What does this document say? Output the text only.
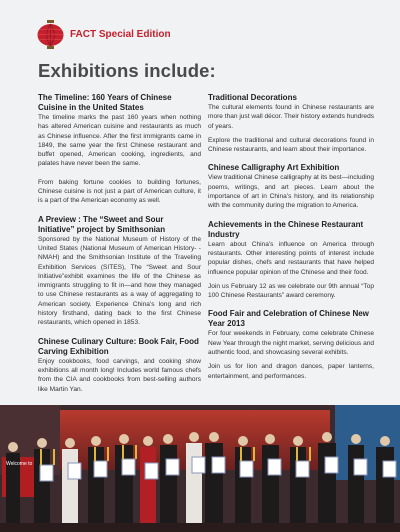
FACT Special Edition
Exhibitions include:
The Timeline: 160 Years of Chinese Cuisine in the United States

The timeline marks the past 160 years when nothing has altered American cuisine and restaurants as much as Chinese influence. After the first immigrants came in 1849, the same year the first Chinese restaurant and buffet opened, American cooking, ingredients, and palates have never been the same.

From baking fortune cookies to building fortunes, Chinese cuisine is not just a part of American culture, it is a part of the American economy as well.

A Preview : The “Sweet and Sour Initiative” project by Smithsonian

Sponsored by the National Museum of History of the United States (National Museum of American History- -NMAH) and the Smithsonian Institute of the Traveling Exhibition Services (SITES), The “Sweet and Sour Initiative”exhibit examines the life of the Chinese as immigrants struggling to fit in—and how they managed to use Chinese restaurants as a way of aggregating to American society. Experience China’s long and rich history firsthand, dating back to the first Chinese restaurants, which opened in 1853.

Chinese Culinary Culture: Book Fair, Food Carving Exhibition

Enjoy cookbooks, food carvings, and cooking show exhibitions all month long! Includes world famous chefs from the CIA and cookbooks from best-selling authors like Martin Yan.

Traditional Decorations

The cultural elements found in Chinese restaurants are more than just wall décor. Their history extends hundreds of years.

Explore the traditional and cultural decorations found in Chinese restaurants, and learn about their importance.

Chinese Calligraphy Art Exhibition

View traditional Chinese calligraphy at its best—including poems, writings, and art pieces. Learn about the importance of art in China’s history, and its relationship with the community during the migration to America.

Achievements in the Chinese Restaurant Industry

Learn about China’s influence on America through restaurants. Other interesting points of interest include popular dishes, chefs and restaurants that have helped influence popular opinion of the Chinese and their food.

Join us February 12 as we celebrate our 9th annual “Top 100 Chinese Restaurants” award ceremony.

Food Fair and Celebration of Chinese New Year 2013

For four weekends in February, come celebrate Chinese New Year through the night market, serving delicious and authentic food, and showcasing several exhibits.

Join us for lion and dragon dances, paper lanterns, entertainment, and performances.

Welcome to
